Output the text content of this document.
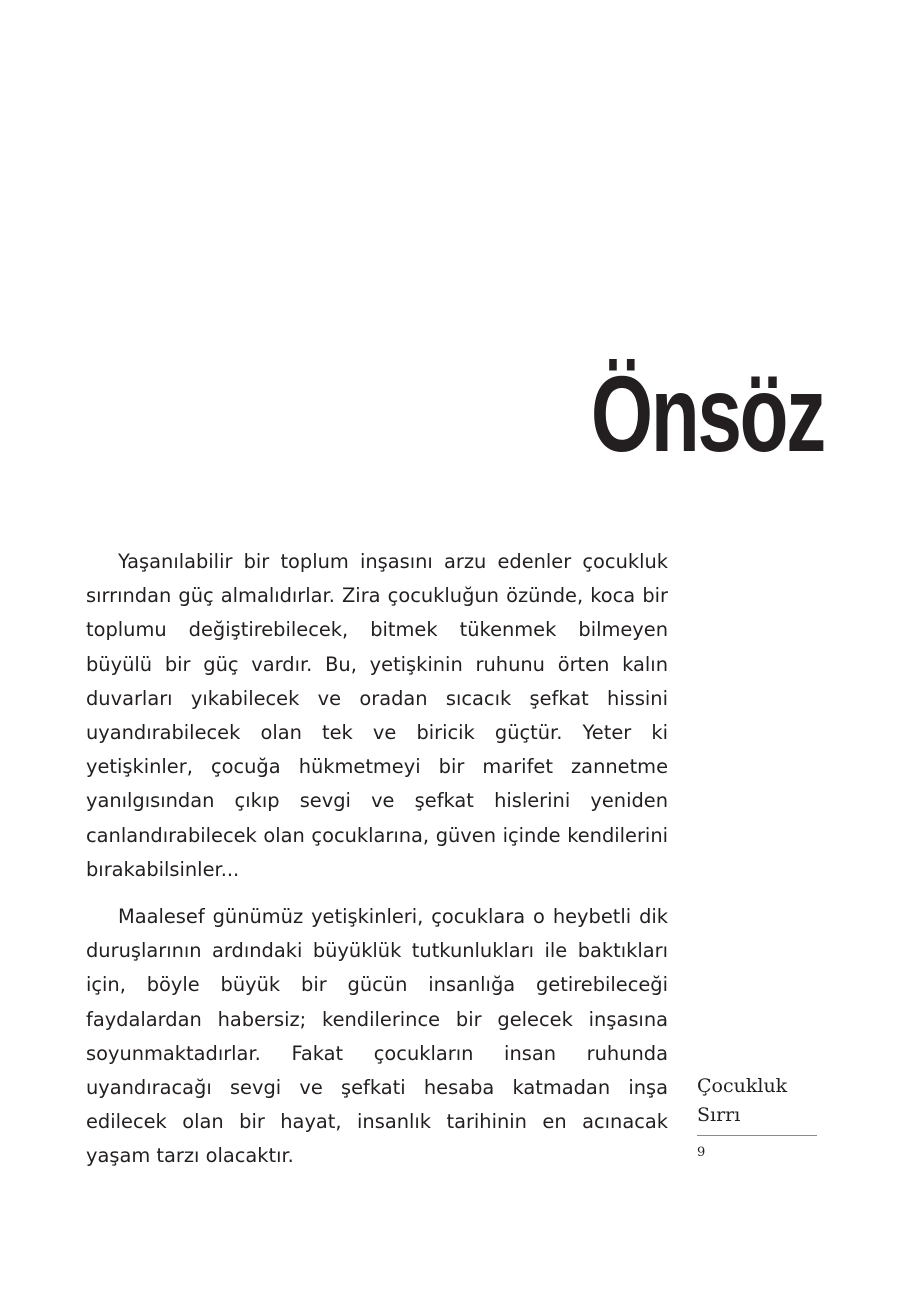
Önsöz

Yaşanılabilir bir toplum inşasını arzu edenler çocukluk sırrından güç almalıdırlar. Zira çocukluğun özünde, koca bir toplumu değiştirebilecek, bitmek tükenmek bilmeyen büyülü bir güç vardır. Bu, yetişkinin ruhunu örten kalın duvarları yıkabilecek ve oradan sıcacık şefkat hissini uyandırabilecek olan tek ve biricik güçtür. Yeter ki yetişkinler, çocuğa hükmetmeyi bir marifet zannetme yanılgısından çıkıp sevgi ve şefkat hislerini yeniden canlandırabilecek olan çocuklarına, güven içinde kendilerini bırakabilsinler...

Maalesef günümüz yetişkinleri, çocuklara o heybetli dik duruşlarının ardındaki büyüklük tutkunlukları ile baktıkları için, böyle büyük bir gücün insanlığa getirebileceği faydalardan habersiz; kendilerince bir gelecek inşasına soyunmaktadırlar. Fakat çocukların insan ruhunda uyandıracağı sevgi ve şefkati hesaba katmadan inşa edilecek olan bir hayat, insanlık tarihinin en acınacak yaşam tarzı olacaktır.

Çocukluk
Sırrı
9
